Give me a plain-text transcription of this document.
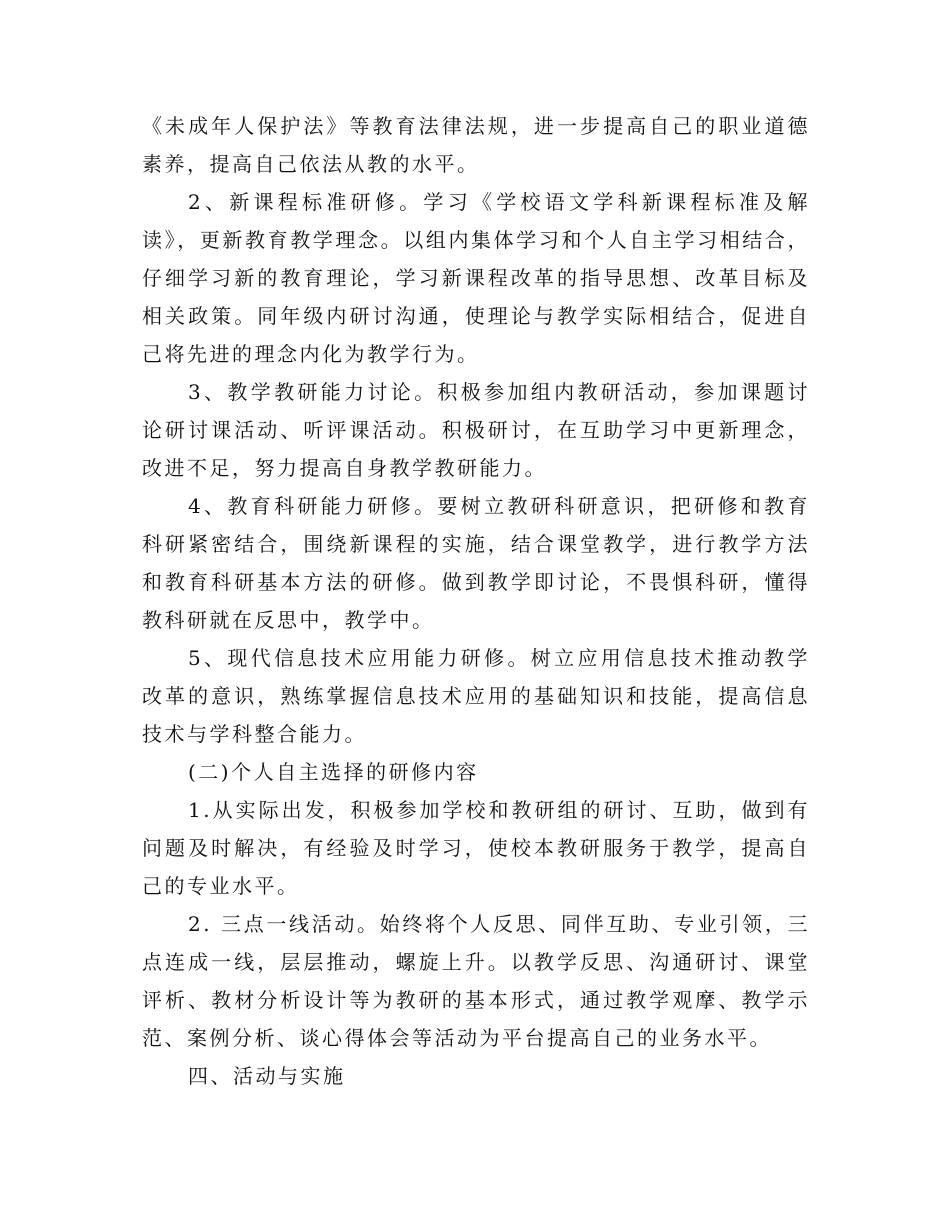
《未成年人保护法》等教育法律法规，进一步提高自己的职业道德素养，提高自己依法从教的水平。

2、新课程标准研修。学习《学校语文学科新课程标准及解读》，更新教育教学理念。以组内集体学习和个人自主学习相结合，仔细学习新的教育理论，学习新课程改革的指导思想、改革目标及相关政策。同年级内研讨沟通，使理论与教学实际相结合，促进自己将先进的理念内化为教学行为。

3、教学教研能力讨论。积极参加组内教研活动，参加课题讨论研讨课活动、听评课活动。积极研讨，在互助学习中更新理念，改进不足，努力提高自身教学教研能力。

4、教育科研能力研修。要树立教研科研意识，把研修和教育科研紧密结合，围绕新课程的实施，结合课堂教学，进行教学方法和教育科研基本方法的研修。做到教学即讨论，不畏惧科研，懂得教科研就在反思中，教学中。

5、现代信息技术应用能力研修。树立应用信息技术推动教学改革的意识，熟练掌握信息技术应用的基础知识和技能，提高信息技术与学科整合能力。

(二)个人自主选择的研修内容

1.从实际出发，积极参加学校和教研组的研讨、互助，做到有问题及时解决，有经验及时学习，使校本教研服务于教学，提高自己的专业水平。

2. 三点一线活动。始终将个人反思、同伴互助、专业引领，三点连成一线，层层推动，螺旋上升。以教学反思、沟通研讨、课堂评析、教材分析设计等为教研的基本形式，通过教学观摩、教学示范、案例分析、谈心得体会等活动为平台提高自己的业务水平。

四、活动与实施
